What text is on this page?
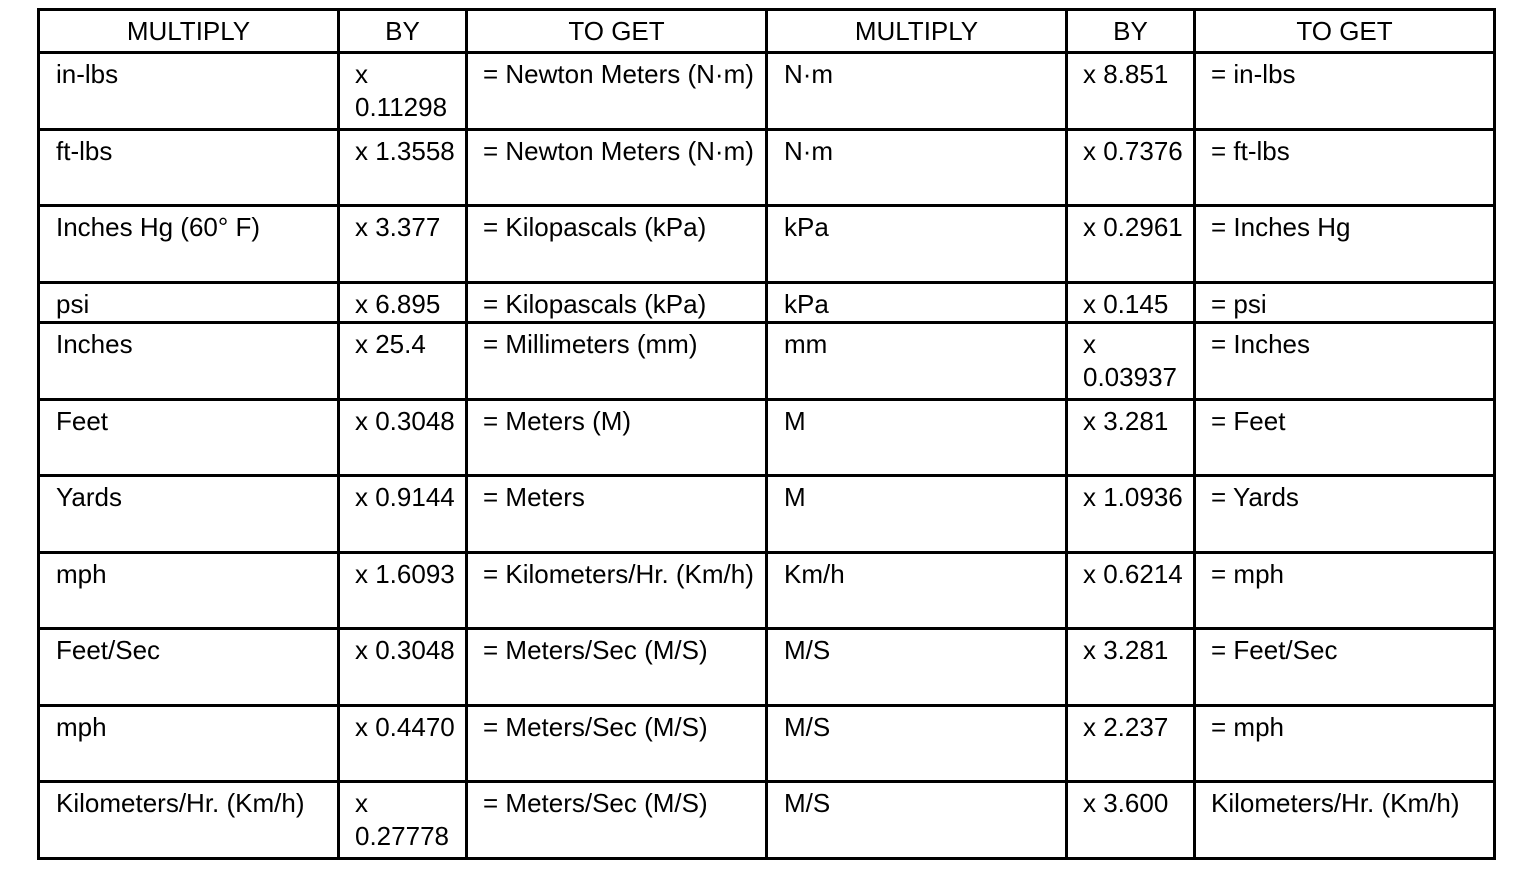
MULTIPLY	BY	TO GET	MULTIPLY	BY	TO GET

in-lbs	x 0.11298	= Newton Meters (N·m)	N·m	x 8.851	= in-lbs

ft-lbs	x 1.3558	= Newton Meters (N·m)	N·m	x 0.7376	= ft-lbs

Inches Hg (60° F)	x 3.377	= Kilopascals (kPa)	kPa	x 0.2961	= Inches Hg

psi	x 6.895	= Kilopascals (kPa)	kPa	x 0.145	= psi

Inches	x 25.4	= Millimeters (mm)	mm	x 0.03937	= Inches

Feet	x 0.3048	= Meters (M)	M	x 3.281	= Feet

Yards	x 0.9144	= Meters	M	x 1.0936	= Yards

mph	x 1.6093	= Kilometers/Hr. (Km/h)	Km/h	x 0.6214	= mph

Feet/Sec	x 0.3048	= Meters/Sec (M/S)	M/S	x 3.281	= Feet/Sec

mph	x 0.4470	= Meters/Sec (M/S)	M/S	x 2.237	= mph

Kilometers/Hr. (Km/h)	x 0.27778	= Meters/Sec (M/S)	M/S	x 3.600	Kilometers/Hr. (Km/h)
